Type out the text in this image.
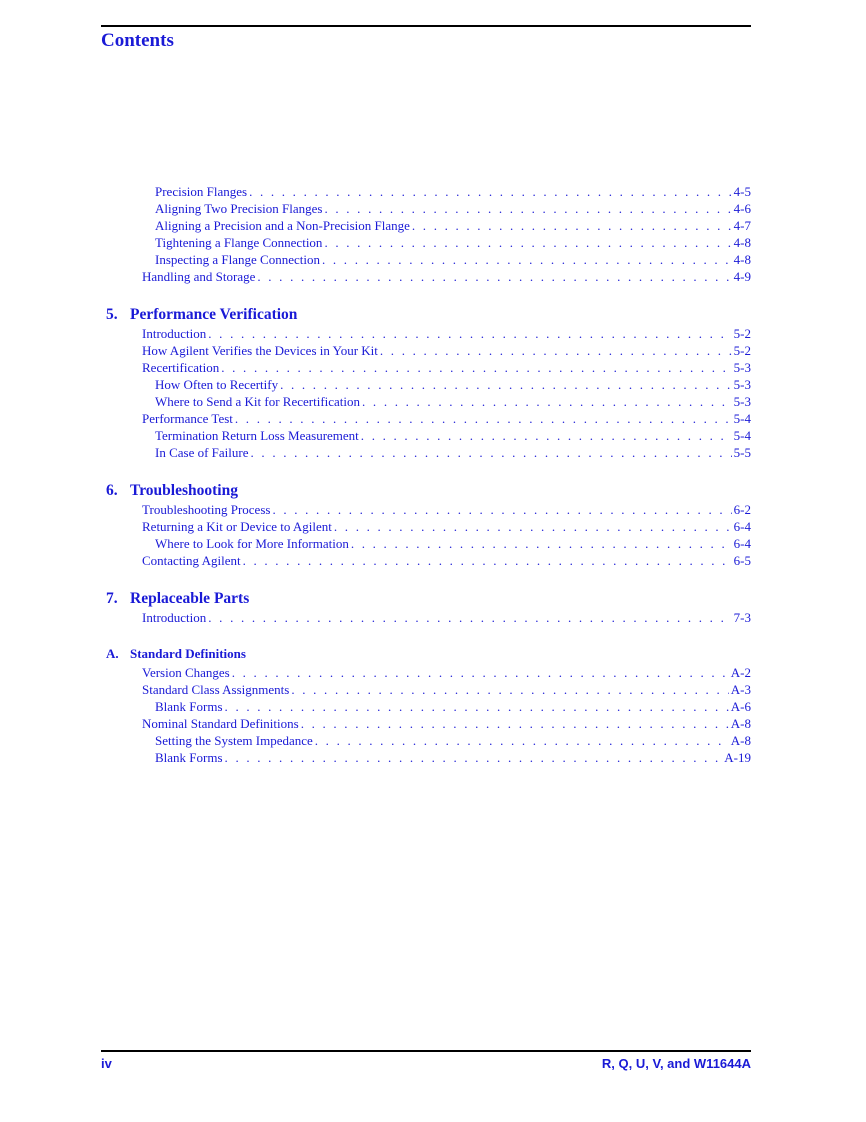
Contents
Precision Flanges . . .	4-5
Aligning Two Precision Flanges . . .	4-6
Aligning a Precision and a Non-Precision Flange . . .	4-7
Tightening a Flange Connection . . .	4-8
Inspecting a Flange Connection . . .	4-8
Handling and Storage . . .	4-9
5. Performance Verification
Introduction . . .	5-2
How Agilent Verifies the Devices in Your Kit . . .	5-2
Recertification . . .	5-3
How Often to Recertify . . .	5-3
Where to Send a Kit for Recertification . . .	5-3
Performance Test . . .	5-4
Termination Return Loss Measurement . . .	5-4
In Case of Failure . . .	5-5
6. Troubleshooting
Troubleshooting Process . . .	6-2
Returning a Kit or Device to Agilent . . .	6-4
Where to Look for More Information . . .	6-4
Contacting Agilent . . .	6-5
7. Replaceable Parts
Introduction . . .	7-3
A. Standard Definitions
Version Changes . . .	A-2
Standard Class Assignments . . .	A-3
Blank Forms . . .	A-6
Nominal Standard Definitions . . .	A-8
Setting the System Impedance . . .	A-8
Blank Forms . . .	A-19
iv	R, Q, U, V, and W11644A
